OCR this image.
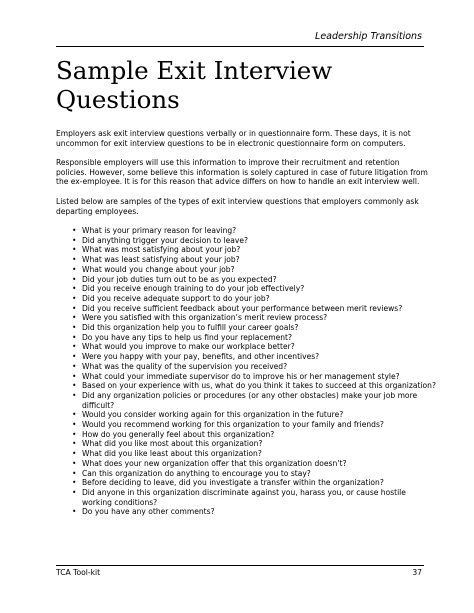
Leadership Transitions
Sample Exit Interview
Questions

Employers ask exit interview questions verbally or in questionnaire form. These days, it is not uncommon for exit interview questions to be in electronic questionnaire form on computers.

Responsible employers will use this information to improve their recruitment and retention policies. However, some believe this information is solely captured in case of future litigation from the ex-employee. It is for this reason that advice differs on how to handle an exit interview well.

Listed below are samples of the types of exit interview questions that employers commonly ask departing employees.

• What is your primary reason for leaving?
• Did anything trigger your decision to leave?
• What was most satisfying about your job?
• What was least satisfying about your job?
• What would you change about your job?
• Did your job duties turn out to be as you expected?
• Did you receive enough training to do your job effectively?
• Did you receive adequate support to do your job?
• Did you receive sufficient feedback about your performance between merit reviews?
• Were you satisfied with this organization’s merit review process?
• Did this organization help you to fulfill your career goals?
• Do you have any tips to help us find your replacement?
• What would you improve to make our workplace better?
• Were you happy with your pay, benefits, and other incentives?
• What was the quality of the supervision you received?
• What could your immediate supervisor do to improve his or her management style?
• Based on your experience with us, what do you think it takes to succeed at this organization?
• Did any organization policies or procedures (or any other obstacles) make your job more difficult?
• Would you consider working again for this organization in the future?
• Would you recommend working for this organization to your family and friends?
• How do you generally feel about this organization?
• What did you like most about this organization?
• What did you like least about this organization?
• What does your new organization offer that this organization doesn’t?
• Can this organization do anything to encourage you to stay?
• Before deciding to leave, did you investigate a transfer within the organization?
• Did anyone in this organization discriminate against you, harass you, or cause hostile working conditions?
• Do you have any other comments?
TCA Tool-kit	37
